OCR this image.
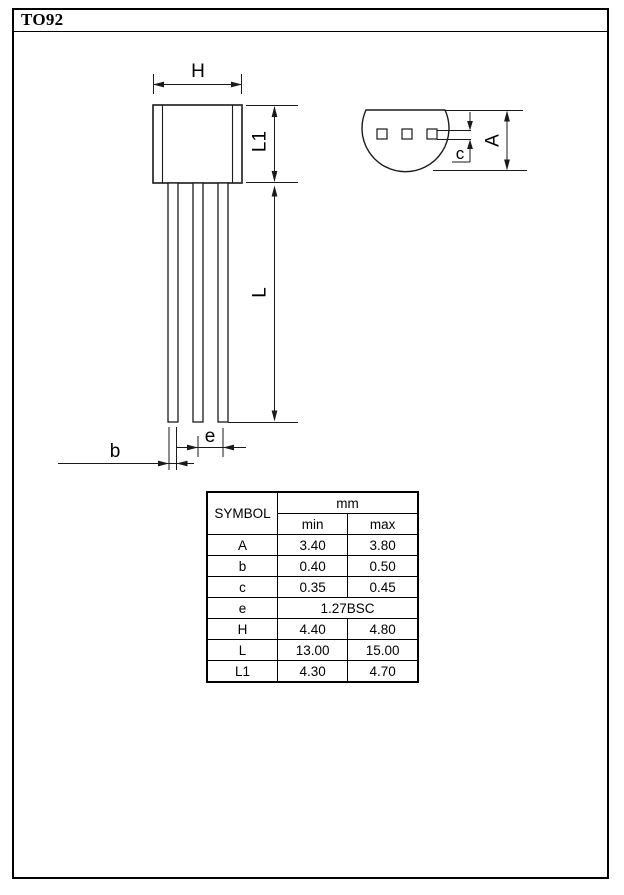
TO92
H
L1
L
b
e
c
A
SYMBOL	mm	
	min	max
A	3.40	3.80
b	0.40	0.50
c	0.35	0.45
e	1.27BSC	
H	4.40	4.80
L	13.00	15.00
L1	4.30	4.70
